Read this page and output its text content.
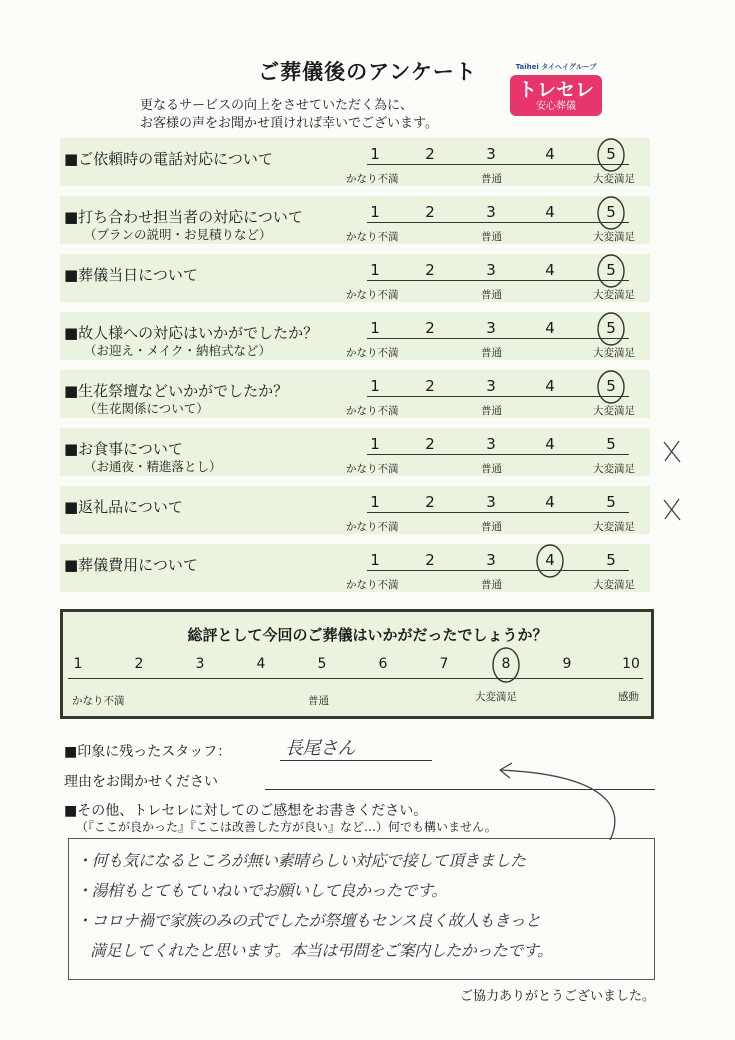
ご葬儀後のアンケート
更なるサービスの向上をさせていただく為に、
お客様の声をお聞かせ頂ければ幸いでございます。
Taihei タイヘイグループ
トレセレ
安心葬儀
■ご依頼時の電話対応について	1	2	3	4	5
かなり不満	普通	大変満足
■打ち合わせ担当者の対応について
（プランの説明・お見積りなど）
1	2	3	4	5
かなり不満	普通	大変満足
■葬儀当日について	1	2	3	4	5
かなり不満	普通	大変満足
■故人様への対応はいかがでしたか？
（お迎え・メイク・納棺式など）
1	2	3	4	5
かなり不満	普通	大変満足
■生花祭壇などいかがでしたか？
（生花関係について）
1	2	3	4	5
かなり不満	普通	大変満足
■お食事について
（お通夜・精進落とし）
1	2	3	4	5
かなり不満	普通	大変満足
■返礼品について	1	2	3	4	5
かなり不満	普通	大変満足
■葬儀費用について	1	2	3	4	5
かなり不満	普通	大変満足
総評として今回のご葬儀はいかがだったでしょうか？
1	2	3	4	5	6	7	8	9	10
かなり不満	普通	大変満足	感動
■印象に残ったスタッフ：	長尾さん
理由をお聞かせください
■その他、トレセレに対してのご感想をお書きください。
（『ここが良かった』『ここは改善した方が良い』など…）何でも構いません。
・何も気になるところが無い素晴らしい対応で接して頂きました
・湯棺もとてもていねいでお願いして良かったです。
・コロナ禍で家族のみの式でしたが祭壇もセンス良く故人もきっと
満足してくれたと思います。本当は弔問をご案内したかったです。
ご協力ありがとうございました。
